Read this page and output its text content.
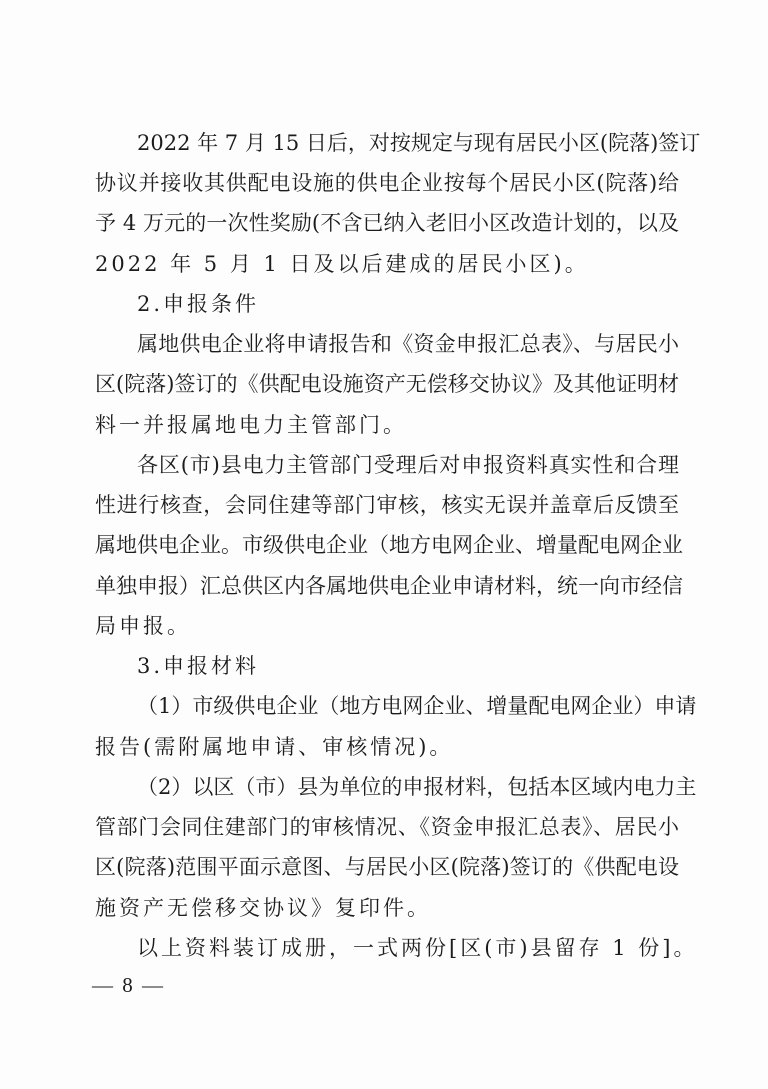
2022 年 7 月 15 日后，对按规定与现有居民小区(院落)签订
协议并接收其供配电设施的供电企业按每个居民小区(院落)给
予 4 万元的一次性奖励(不含已纳入老旧小区改造计划的，以及
2022 年 5 月 1 日及以后建成的居民小区)。
2.申报条件
属地供电企业将申请报告和《资金申报汇总表》、与居民小
区(院落)签订的《供配电设施资产无偿移交协议》及其他证明材
料一并报属地电力主管部门。
各区(市)县电力主管部门受理后对申报资料真实性和合理
性进行核查，会同住建等部门审核，核实无误并盖章后反馈至
属地供电企业。市级供电企业（地方电网企业、增量配电网企业
单独申报）汇总供区内各属地供电企业申请材料，统一向市经信
局申报。
3.申报材料
（1）市级供电企业（地方电网企业、增量配电网企业）申请
报告(需附属地申请、审核情况)。
（2）以区（市）县为单位的申报材料，包括本区域内电力主
管部门会同住建部门的审核情况、《资金申报汇总表》、居民小
区(院落)范围平面示意图、与居民小区(院落)签订的《供配电设
施资产无偿移交协议》复印件。
以上资料装订成册，一式两份[区(市)县留存 1 份]。
— 8 —
